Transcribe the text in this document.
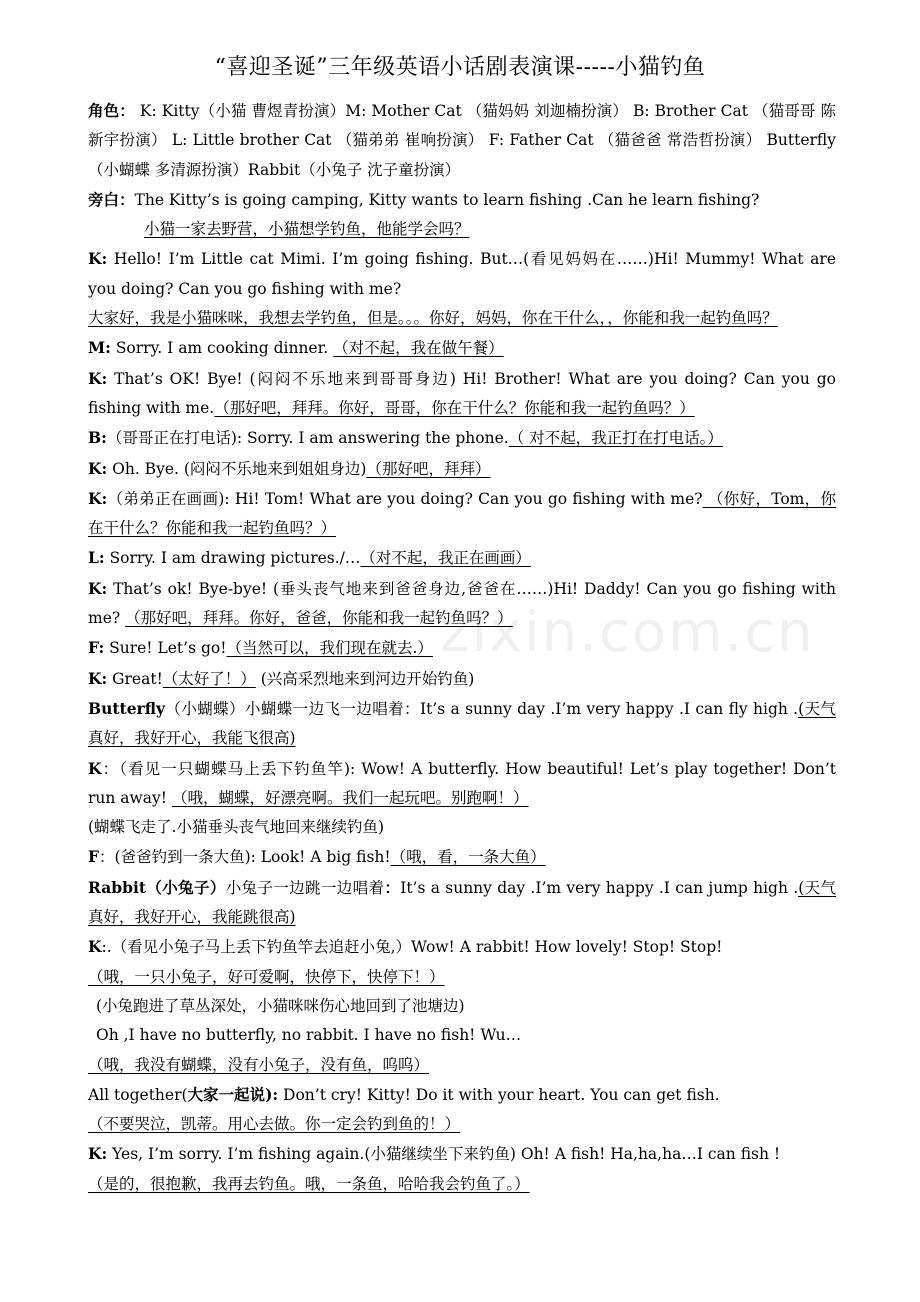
zixin.com.cn
“喜迎圣诞”三年级英语小话剧表演课-----小猫钓鱼

角色： K: Kitty（小猫 曹煜青扮演）M: Mother Cat （猫妈妈 刘迦楠扮演） B: Brother Cat （猫哥哥 陈新宇扮演） L: Little brother Cat （猫弟弟 崔响扮演） F: Father Cat （猫爸爸 常浩哲扮演） Butterfly（小蝴蝶 多清源扮演）Rabbit（小兔子 沈子童扮演）

旁白：The Kitty’s is going camping, Kitty wants to learn fishing .Can he learn fishing?

小猫一家去野营，小猫想学钓鱼，他能学会吗？

K: Hello! I’m Little cat Mimi. I’m going fishing. But…(看见妈妈在……)Hi! Mummy! What are you doing? Can you go fishing with me?

大家好，我是小猫咪咪，我想去学钓鱼，但是。。。你好，妈妈，你在干什么，，你能和我一起钓鱼吗？

M: Sorry. I am cooking dinner. （对不起，我在做午餐）

K: That’s OK! Bye! (闷闷不乐地来到哥哥身边) Hi! Brother! What are you doing? Can you go fishing with me.（那好吧，拜拜。你好，哥哥，你在干什么？你能和我一起钓鱼吗？）

B:（哥哥正在打电话): Sorry. I am answering the phone.（ 对不起，我正打在打电话。）

K: Oh. Bye. (闷闷不乐地来到姐姐身边)（那好吧，拜拜）

K:（弟弟正在画画): Hi! Tom! What are you doing? Can you go fishing with me? （你好，Tom，你在干什么？你能和我一起钓鱼吗？）

L: Sorry. I am drawing pictures./…（对不起，我正在画画）

K: That’s ok! Bye-bye! (垂头丧气地来到爸爸身边,爸爸在……)Hi! Daddy! Can you go fishing with me? （那好吧，拜拜。你好，爸爸，你能和我一起钓鱼吗？）

F: Sure! Let’s go!（当然可以，我们现在就去.）

K: Great!（太好了！） (兴高采烈地来到河边开始钓鱼)

Butterfly（小蝴蝶）小蝴蝶一边飞一边唱着：It’s a sunny day .I’m very happy .I can fly high .(天气真好，我好开心，我能飞很高)

K：（看见一只蝴蝶马上丢下钓鱼竿): Wow! A butterfly. How beautiful! Let’s play together! Don’t run away! （哦，蝴蝶，好漂亮啊。我们一起玩吧。别跑啊！）

(蝴蝶飞走了.小猫垂头丧气地回来继续钓鱼)

F：(爸爸钓到一条大鱼): Look! A big fish!（哦，看，一条大鱼）

Rabbit（小兔子）小兔子一边跳一边唱着：It’s a sunny day .I’m very happy .I can jump high .(天气真好，我好开心，我能跳很高)

K:.（看见小兔子马上丢下钓鱼竿去追赶小兔,）Wow! A rabbit! How lovely! Stop! Stop!

（哦，一只小兔子，好可爱啊，快停下，快停下！）

(小兔跑进了草丛深处，小猫咪咪伤心地回到了池塘边)

Oh ,I have no butterfly, no rabbit. I have no fish! Wu…

（哦，我没有蝴蝶，没有小兔子，没有鱼，呜呜）

All together(大家一起说): Don’t cry! Kitty! Do it with your heart. You can get fish.

（不要哭泣，凯蒂。用心去做。你一定会钓到鱼的！）

K: Yes, I’m sorry. I’m fishing again.(小猫继续坐下来钓鱼) Oh! A fish! Ha,ha,ha…I can fish !

（是的，很抱歉，我再去钓鱼。哦，一条鱼，哈哈我会钓鱼了。）
